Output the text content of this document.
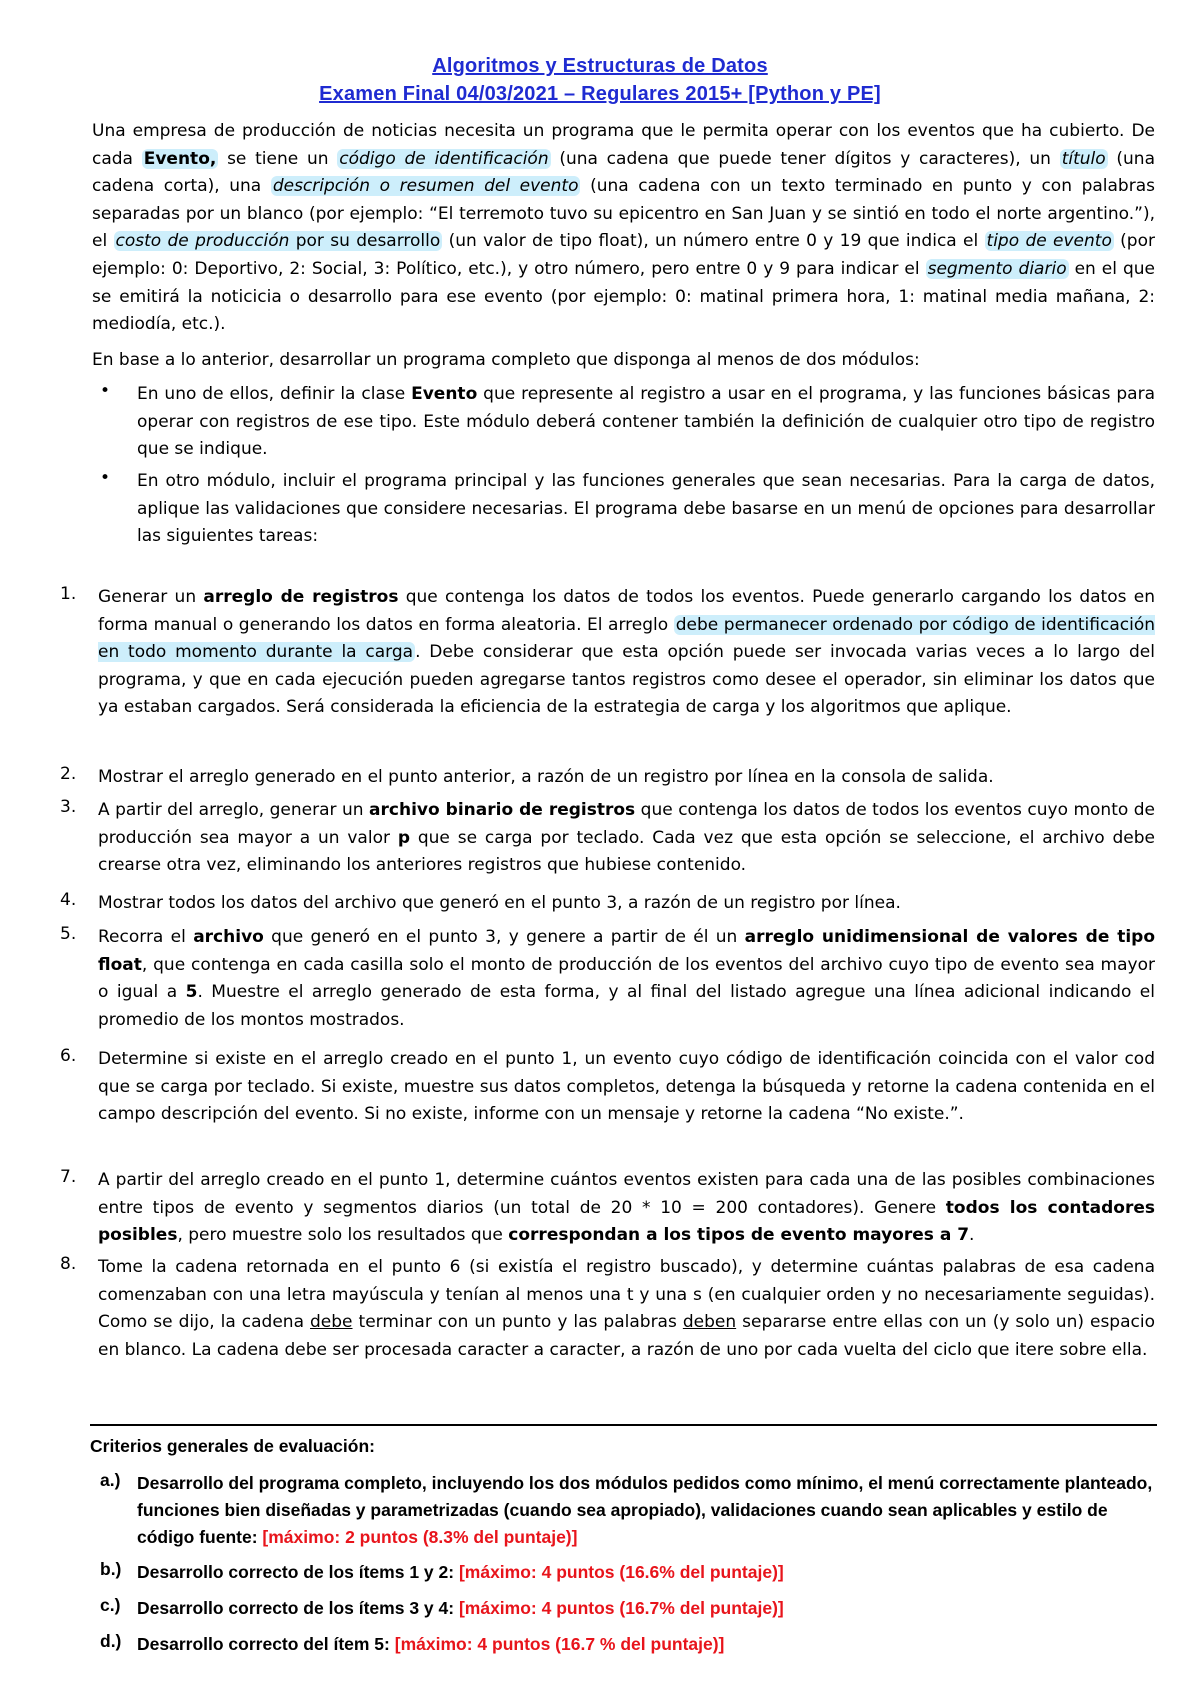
Algoritmos y Estructuras de Datos
Examen Final 04/03/2021 – Regulares 2015+ [Python y PE]
Una empresa de producción de noticias necesita un programa que le permita operar con los eventos que ha cubierto. De cada Evento, se tiene un código de identificación (una cadena que puede tener dígitos y caracteres), un título (una cadena corta), una descripción o resumen del evento (una cadena con un texto terminado en punto y con palabras separadas por un blanco (por ejemplo: “El terremoto tuvo su epicentro en San Juan y se sintió en todo el norte argentino.”), el costo de producción por su desarrollo (un valor de tipo float), un número entre 0 y 19 que indica el tipo de evento (por ejemplo: 0: Deportivo, 2: Social, 3: Político, etc.), y otro número, pero entre 0 y 9 para indicar el segmento diario en el que se emitirá la noticicia o desarrollo para ese evento (por ejemplo: 0: matinal primera hora, 1: matinal media mañana, 2: mediodía, etc.).
En base a lo anterior, desarrollar un programa completo que disponga al menos de dos módulos:
• En uno de ellos, definir la clase Evento que represente al registro a usar en el programa, y las funciones básicas para operar con registros de ese tipo. Este módulo deberá contener también la definición de cualquier otro tipo de registro que se indique.
• En otro módulo, incluir el programa principal y las funciones generales que sean necesarias. Para la carga de datos, aplique las validaciones que considere necesarias. El programa debe basarse en un menú de opciones para desarrollar las siguientes tareas:
1. Generar un arreglo de registros que contenga los datos de todos los eventos. Puede generarlo cargando los datos en forma manual o generando los datos en forma aleatoria. El arreglo debe permanecer ordenado por código de identificación en todo momento durante la carga . Debe considerar que esta opción puede ser invocada varias veces a lo largo del programa, y que en cada ejecución pueden agregarse tantos registros como desee el operador, sin eliminar los datos que ya estaban cargados. Será considerada la eficiencia de la estrategia de carga y los algoritmos que aplique.
2. Mostrar el arreglo generado en el punto anterior, a razón de un registro por línea en la consola de salida.
3. A partir del arreglo, generar un archivo binario de registros que contenga los datos de todos los eventos cuyo monto de producción sea mayor a un valor p que se carga por teclado. Cada vez que esta opción se seleccione, el archivo debe crearse otra vez, eliminando los anteriores registros que hubiese contenido.
4. Mostrar todos los datos del archivo que generó en el punto 3, a razón de un registro por línea.
5. Recorra el archivo que generó en el punto 3, y genere a partir de él un arreglo unidimensional de valores de tipo float, que contenga en cada casilla solo el monto de producción de los eventos del archivo cuyo tipo de evento sea mayor o igual a 5. Muestre el arreglo generado de esta forma, y al final del listado agregue una línea adicional indicando el promedio de los montos mostrados.
6. Determine si existe en el arreglo creado en el punto 1, un evento cuyo código de identificación coincida con el valor cod que se carga por teclado. Si existe, muestre sus datos completos, detenga la búsqueda y retorne la cadena contenida en el campo descripción del evento. Si no existe, informe con un mensaje y retorne la cadena “No existe.”.
7. A partir del arreglo creado en el punto 1, determine cuántos eventos existen para cada una de las posibles combinaciones entre tipos de evento y segmentos diarios (un total de 20 * 10 = 200 contadores). Genere todos los contadores posibles, pero muestre solo los resultados que correspondan a los tipos de evento mayores a 7.
8. Tome la cadena retornada en el punto 6 (si existía el registro buscado), y determine cuántas palabras de esa cadena comenzaban con una letra mayúscula y tenían al menos una t y una s (en cualquier orden y no necesariamente seguidas). Como se dijo, la cadena debe terminar con un punto y las palabras deben separarse entre ellas con un (y solo un) espacio en blanco. La cadena debe ser procesada caracter a caracter, a razón de uno por cada vuelta del ciclo que itere sobre ella.
Criterios generales de evaluación:
a.) Desarrollo del programa completo, incluyendo los dos módulos pedidos como mínimo, el menú correctamente planteado, funciones bien diseñadas y parametrizadas (cuando sea apropiado), validaciones cuando sean aplicables y estilo de código fuente: [máximo: 2 puntos (8.3% del puntaje)]
b.) Desarrollo correcto de los ítems 1 y 2: [máximo: 4 puntos (16.6% del puntaje)]
c.) Desarrollo correcto de los ítems 3 y 4: [máximo: 4 puntos (16.7% del puntaje)]
d.) Desarrollo correcto del ítem 5: [máximo: 4 puntos (16.7 % del puntaje)]
